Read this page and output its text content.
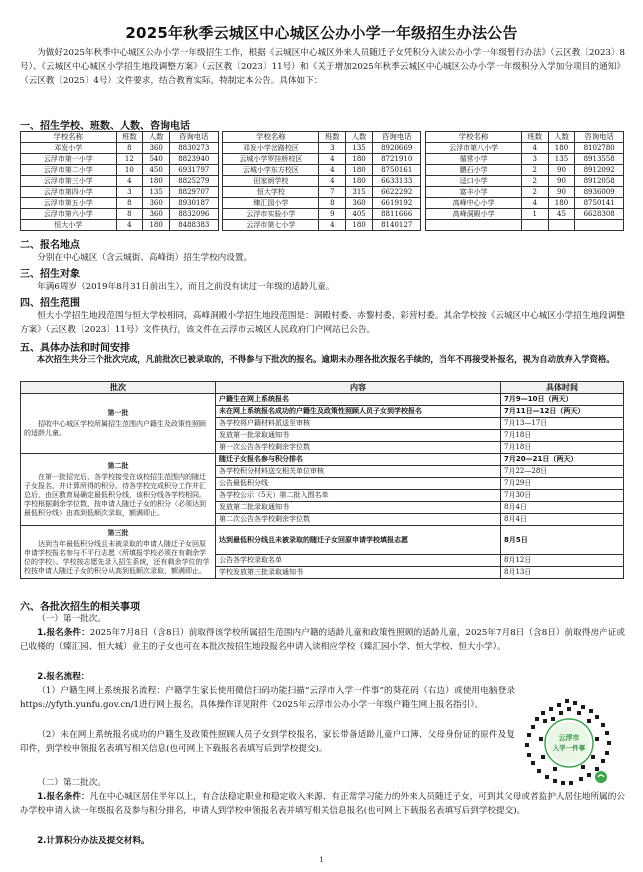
2025年秋季云城区中心城区公办小学一年级招生办法公告
为做好2025年秋季中心城区公办小学一年级招生工作，根据《云城区中心城区外来人员随迁子女凭积分入读公办小学一年级暂行办法》（云区教〔2023〕8号）、《云城区中心城区小学招生地段调整方案》（云区教〔2023〕11号）和《关于增加2025年秋季云城区中心城区公办小学一年级积分入学加分项目的通知》（云区教〔2025〕4号）文件要求，结合教育实际，特制定本公告。具体如下：
一、招生学校、班数、人数、咨询电话
学校名称	班数	人数	咨询电话		学校名称	班数	人数	咨询电话		学校名称	班数	人数	咨询电话
邓发小学	8	360	8830273		邓发小学岔路校区	3	135	8920669		云浮市第八小学	4	180	8102780
云浮市第一小学	12	540	8823940		云城小学罗挂桥校区	4	180	8721910		循常小学	3	135	8913558
云浮市第二小学	10	450	6931797		云城小学东方校区	4	180	8750161		鹏石小学	2	90	8912092
云浮市第三小学	4	180	8825279		田家炳学校	4	180	6633133		迳口小学	2	90	8912058
云浮市第四小学	3	135	8829707		恒大学校	7	315	6622292		富丰小学	2	90	8936009
云浮市第五小学	8	360	8930187		臻汇园小学	8	360	6619192		高峰中心小学	4	180	8750141
云浮市第六小学	8	360	8832096		云浮市实验小学	9	405	8811666		高峰洞殿小学	1	45	6628308
恒大小学	4	180	8488383		云浮市第七小学	4	180	8140127					
二、报名地点
分别在中心城区（含云城街、高峰街）招生学校内设置。
三、招生对象
年满6周岁（2019年8月31日前出生），而且之前没有读过一年级的适龄儿童。
四、招生范围
恒大小学招生地段范围与恒大学校相同，高峰洞殿小学招生地段范围是：洞殿村委、赤黎村委、彩营村委。其余学校按《云城区中心城区小学招生地段调整方案》（云区教〔2023〕11号）文件执行，该文件在云浮市云城区人民政府门户网站已公告。
五、具体办法和时间安排
本次招生共分三个批次完成，凡前批次已被录取的，不得参与下批次的报名。逾期未办理各批次报名手续的，当年不再接受补报名，视为自动放弃入学资格。
批次	内容	具体时间

第一批
招收中心城区学校所属招生范围内户籍生及政策性照顾的适龄儿童。	户籍生在网上系统报名	7月9—10日（两天）
	未在网上系统报名成功的户籍生及政策性照顾人员子女到学校报名	7月11日—12日（两天）
	各学校将户籍材料派送至审核	7月13—17日
	发放第一批录取通知书	7月18日
	第一次公告各学校剩余学位数	7月18日

第二批
在第一批招完后，各学校接受在该校招生范围内的随迁子女报名，并计算所得的积分。待各学校完成积分工作并汇总后，由区教育局确定最低积分线，该积分线各学校相同。学校根据剩余学位数，按申请人随迁子女的积分（必须达到最低积分线）由高到低顺次录取，额满即止。	随迁子女报名参与积分排名	7月20—21日（两天）
	各学校积分材料送交相关单位审核	7月22—28日
	公告最低积分线	7月29日
	各学校公示（5天）第二批入围名单	7月30日
	发放第二批录取通知书	8月4日
	第二次公告各学校剩余学位数	8月4日

第三批
达到当年最低积分线且未被录取的申请人随迁子女回原申请学校报名参与不平行志愿（所填报学校必须在有剩余学位的学校）。学校按志愿先录入招生系统，还有剩余学位的学校按申请人随迁子女的积分从高到低顺次录取，额满即止。	达到最低积分线且未被录取的随迁子女回原申请学校填报志愿	8月5日
	公告各学校录取名单	8月12日
	学校发放第三批录取通知书	8月13日
六、各批次招生的相关事项
（一）第一批次。
1.报名条件：2025年7月8日（含8日）前取得该学校所属招生范围内户籍的适龄儿童和政策性照顾的适龄儿童，2025年7月8日（含8日）前取得房产证或已收楼的（臻汇园、恒大城）业主的子女也可在本批次按招生地段报名申请入读相应学校（臻汇园小学、恒大学校、恒大小学）。
2.报名流程：
（1）户籍生网上系统报名流程：户籍学生家长使用微信扫码功能扫描“云浮市入学一件事”的葵花码（右边）或使用电脑登录https://yfyth.yunfu.gov.cn/1进行网上报名，具体操作详见附件《2025年云浮市公办小学一年级户籍生网上报名指引》。
（2）未在网上系统报名成功的户籍生及政策性照顾人员子女到学校报名，家长带备适龄儿童户口簿、父母身份证的原件及复印件，到学校申领报名表填写相关信息(也可网上下载报名表填写后到学校提交)。
（二）第二批次。
1.报名条件：凡在中心城区居住半年以上，有合法稳定职业和稳定收入来源、有正常学习能力的外来人员随迁子女，可到其父母或者监护人居住地所属的公办学校申请入读一年级报名及参与积分排名，申请人到学校申领报名表并填写相关信息报名(也可网上下载报名表填写后到学校提交)。
2.计算积分办法及提交材料。
云浮市
入学一件事
1
